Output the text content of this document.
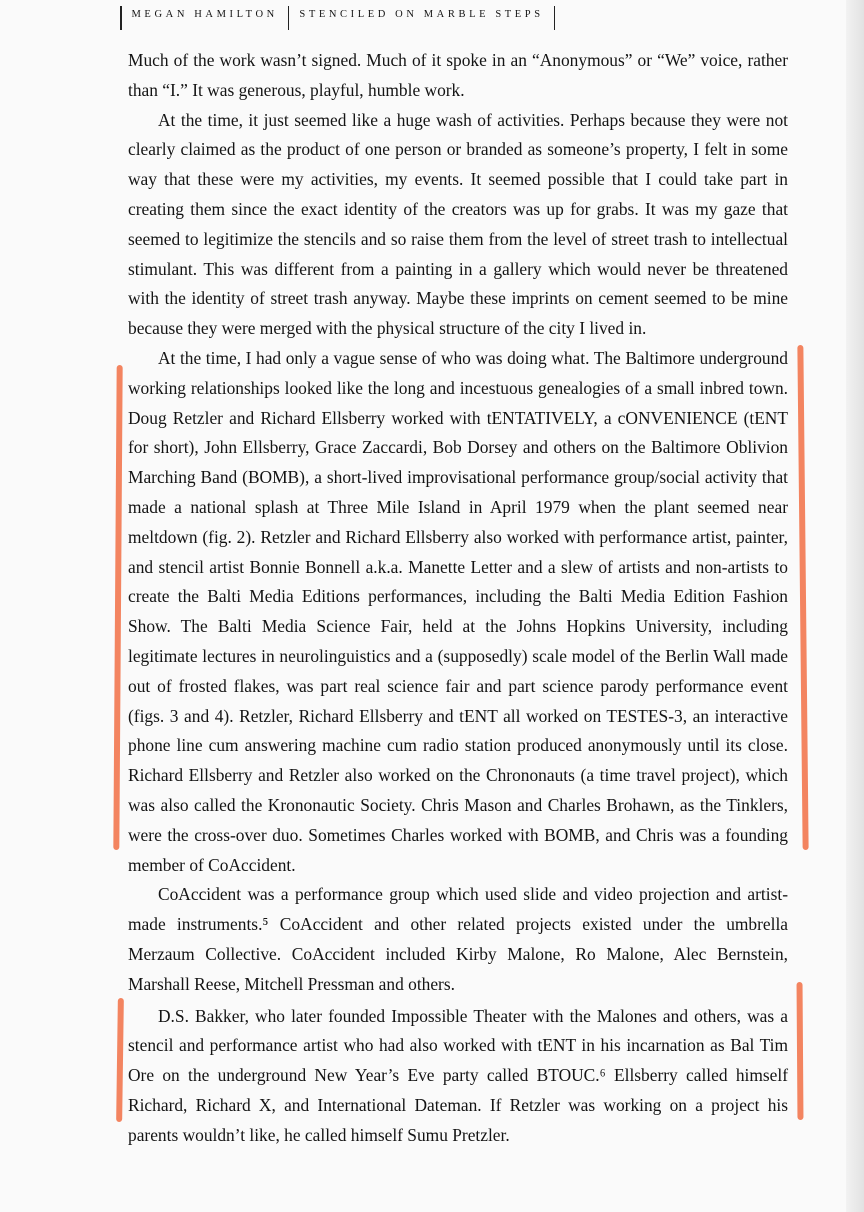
MEGAN HAMILTON	STENCILED ON MARBLE STEPS

Much of the work wasn’t signed. Much of it spoke in an “Anonymous” or “We” voice, rather than “I.” It was generous, playful, humble work.

At the time, it just seemed like a huge wash of activities. Perhaps because they were not clearly claimed as the product of one person or branded as someone’s property, I felt in some way that these were my activities, my events. It seemed possible that I could take part in creating them since the exact identity of the creators was up for grabs. It was my gaze that seemed to legitimize the stencils and so raise them from the level of street trash to intellectual stimulant. This was different from a painting in a gallery which would never be threatened with the identity of street trash anyway. Maybe these imprints on cement seemed to be mine because they were merged with the physical structure of the city I lived in.

At the time, I had only a vague sense of who was doing what. The Baltimore underground working relationships looked like the long and incestuous genealogies of a small inbred town. Doug Retzler and Richard Ellsberry worked with tENTATIVELY, a cONVENIENCE (tENT for short), John Ellsberry, Grace Zaccardi, Bob Dorsey and others on the Baltimore Oblivion Marching Band (BOMB), a short-lived improvisational performance group/social activity that made a national splash at Three Mile Island in April 1979 when the plant seemed near meltdown (fig. 2). Retzler and Richard Ellsberry also worked with performance artist, painter, and stencil artist Bonnie Bonnell a.k.a. Manette Letter and a slew of artists and non-artists to create the Balti Media Editions performances, including the Balti Media Edition Fashion Show. The Balti Media Science Fair, held at the Johns Hopkins University, including legitimate lectures in neurolinguistics and a (supposedly) scale model of the Berlin Wall made out of frosted flakes, was part real science fair and part science parody performance event (figs. 3 and 4). Retzler, Richard Ellsberry and tENT all worked on TESTES-3, an interactive phone line cum answering machine cum radio station produced anonymously until its close. Richard Ellsberry and Retzler also worked on the Chrononauts (a time travel project), which was also called the Krononautic Society. Chris Mason and Charles Brohawn, as the Tinklers, were the cross-over duo. Sometimes Charles worked with BOMB, and Chris was a founding member of CoAccident.

CoAccident was a performance group which used slide and video projection and artist-made instruments.⁵ CoAccident and other related projects existed under the umbrella Merzaum Collective. CoAccident included Kirby Malone, Ro Malone, Alec Bernstein, Marshall Reese, Mitchell Pressman and others.

D.S. Bakker, who later founded Impossible Theater with the Malones and others, was a stencil and performance artist who had also worked with tENT in his incarnation as Bal Tim Ore on the underground New Year’s Eve party called BTOUC.⁶ Ellsberry called himself Richard, Richard X, and International Dateman. If Retzler was working on a project his parents wouldn’t like, he called himself Sumu Pretzler.
